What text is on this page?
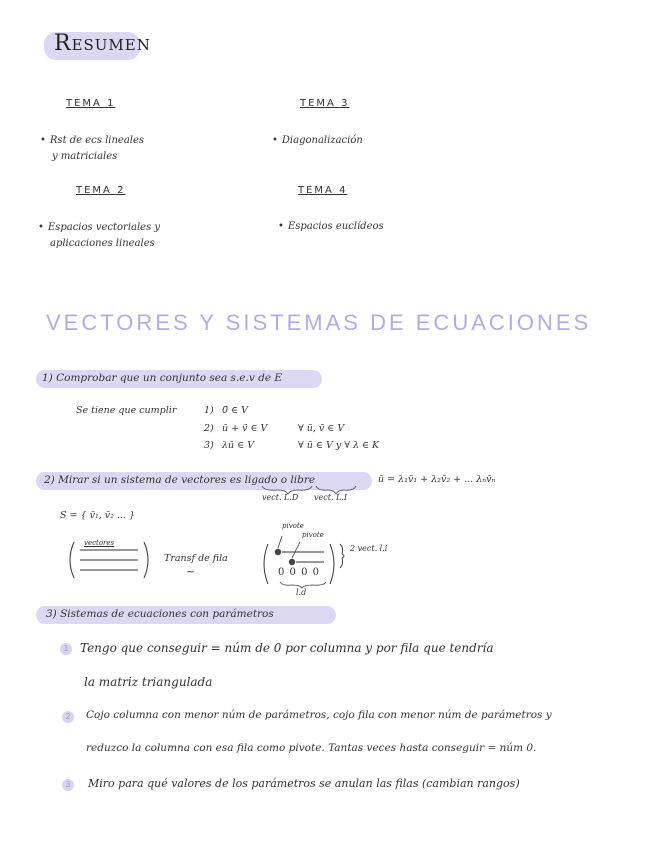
Resumen
TEMA 1
• Rst de ecs lineales
y matriciales
TEMA 2
• Espacios vectoriales y
aplicaciones lineales
TEMA 3
• Diagonalización
TEMA 4
• Espacios euclídeos
VECTORES Y SISTEMAS DE ECUACIONES
1) Comprobar que un conjunto sea s.e.v de E
Se tiene que cumplir	1) 0̄ ∈ V
2) ū + v̄ ∈ V	∀ ū, v̄ ∈ V
3) λū ∈ V	∀ ū ∈ V y ∀ λ ∈ K
2) Mirar si un sistema de vectores es ligado o libre	ū = λ₁v̄₁ + λ₂v̄₂ + ... λₙv̄ₙ
vect. L.D vect. L.I
S = { v̄₁, v̄₂ ... }
vectores
Transf de fila
~
pivote
pivote
0 0 0 0
2 vect. l.i
l.d
3) Sistemas de ecuaciones con parámetros
1 Tengo que conseguir = núm de 0 por columna y por fila que tendría
la matriz triangulada
2	Cojo columna con menor núm de parámetros, cojo fila con menor núm de parámetros y
reduzco la columna con esa fila como pivote. Tantas veces hasta conseguir = núm 0.
3	Miro para qué valores de los parámetros se anulan las filas (cambian rangos)
